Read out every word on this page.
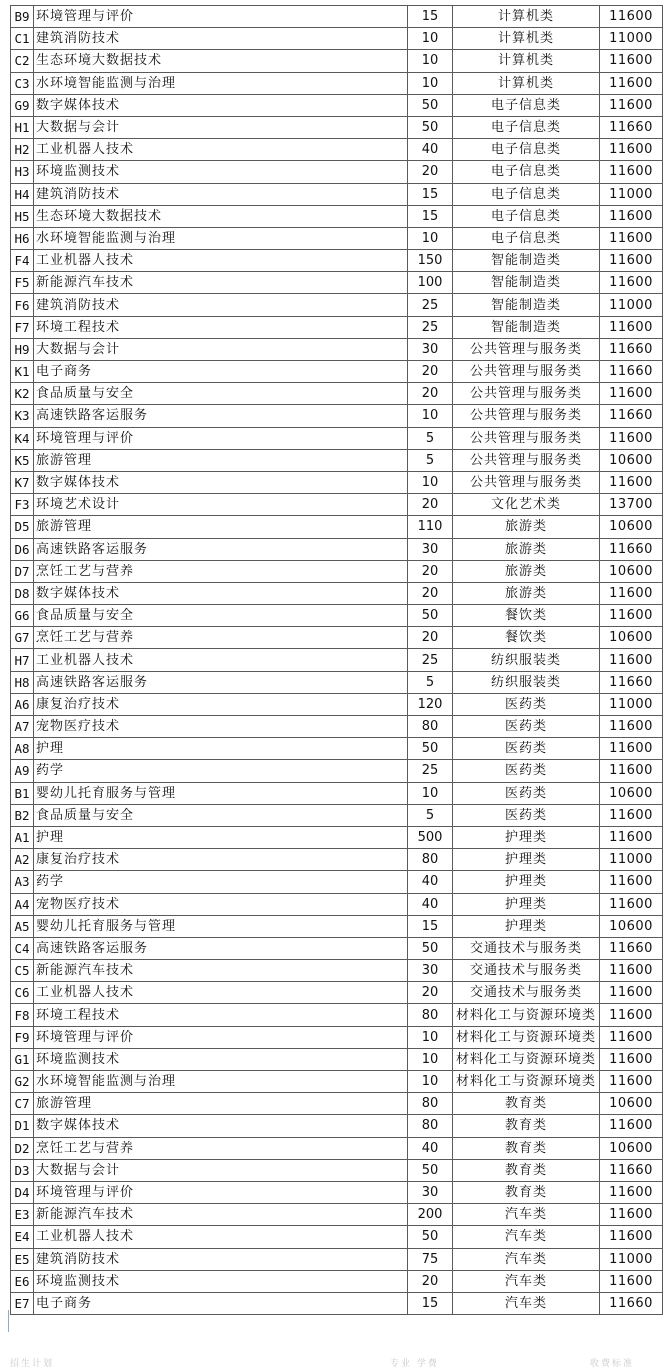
B9	环境管理与评价	15	计算机类	11600
C1	建筑消防技术	10	计算机类	11000
C2	生态环境大数据技术	10	计算机类	11600
C3	水环境智能监测与治理	10	计算机类	11600
G9	数字媒体技术	50	电子信息类	11600
H1	大数据与会计	50	电子信息类	11660
H2	工业机器人技术	40	电子信息类	11600
H3	环境监测技术	20	电子信息类	11600
H4	建筑消防技术	15	电子信息类	11000
H5	生态环境大数据技术	15	电子信息类	11600
H6	水环境智能监测与治理	10	电子信息类	11600
F4	工业机器人技术	150	智能制造类	11600
F5	新能源汽车技术	100	智能制造类	11600
F6	建筑消防技术	25	智能制造类	11000
F7	环境工程技术	25	智能制造类	11600
H9	大数据与会计	30	公共管理与服务类	11660
K1	电子商务	20	公共管理与服务类	11660
K2	食品质量与安全	20	公共管理与服务类	11600
K3	高速铁路客运服务	10	公共管理与服务类	11660
K4	环境管理与评价	5	公共管理与服务类	11600
K5	旅游管理	5	公共管理与服务类	10600
K7	数字媒体技术	10	公共管理与服务类	11600
F3	环境艺术设计	20	文化艺术类	13700
D5	旅游管理	110	旅游类	10600
D6	高速铁路客运服务	30	旅游类	11660
D7	烹饪工艺与营养	20	旅游类	10600
D8	数字媒体技术	20	旅游类	11600
G6	食品质量与安全	50	餐饮类	11600
G7	烹饪工艺与营养	20	餐饮类	10600
H7	工业机器人技术	25	纺织服装类	11600
H8	高速铁路客运服务	5	纺织服装类	11660
A6	康复治疗技术	120	医药类	11000
A7	宠物医疗技术	80	医药类	11600
A8	护理	50	医药类	11600
A9	药学	25	医药类	11600
B1	婴幼儿托育服务与管理	10	医药类	10600
B2	食品质量与安全	5	医药类	11600
A1	护理	500	护理类	11600
A2	康复治疗技术	80	护理类	11000
A3	药学	40	护理类	11600
A4	宠物医疗技术	40	护理类	11600
A5	婴幼儿托育服务与管理	15	护理类	10600
C4	高速铁路客运服务	50	交通技术与服务类	11660
C5	新能源汽车技术	30	交通技术与服务类	11600
C6	工业机器人技术	20	交通技术与服务类	11600
F8	环境工程技术	80	材料化工与资源环境类	11600
F9	环境管理与评价	10	材料化工与资源环境类	11600
G1	环境监测技术	10	材料化工与资源环境类	11600
G2	水环境智能监测与治理	10	材料化工与资源环境类	11600
C7	旅游管理	80	教育类	10600
D1	数字媒体技术	80	教育类	11600
D2	烹饪工艺与营养	40	教育类	10600
D3	大数据与会计	50	教育类	11660
D4	环境管理与评价	30	教育类	11600
E3	新能源汽车技术	200	汽车类	11600
E4	工业机器人技术	50	汽车类	11600
E5	建筑消防技术	75	汽车类	11000
E6	环境监测技术	20	汽车类	11600
E7	电子商务	15	汽车类	11660
招生计划	专业 学费	收费标准
